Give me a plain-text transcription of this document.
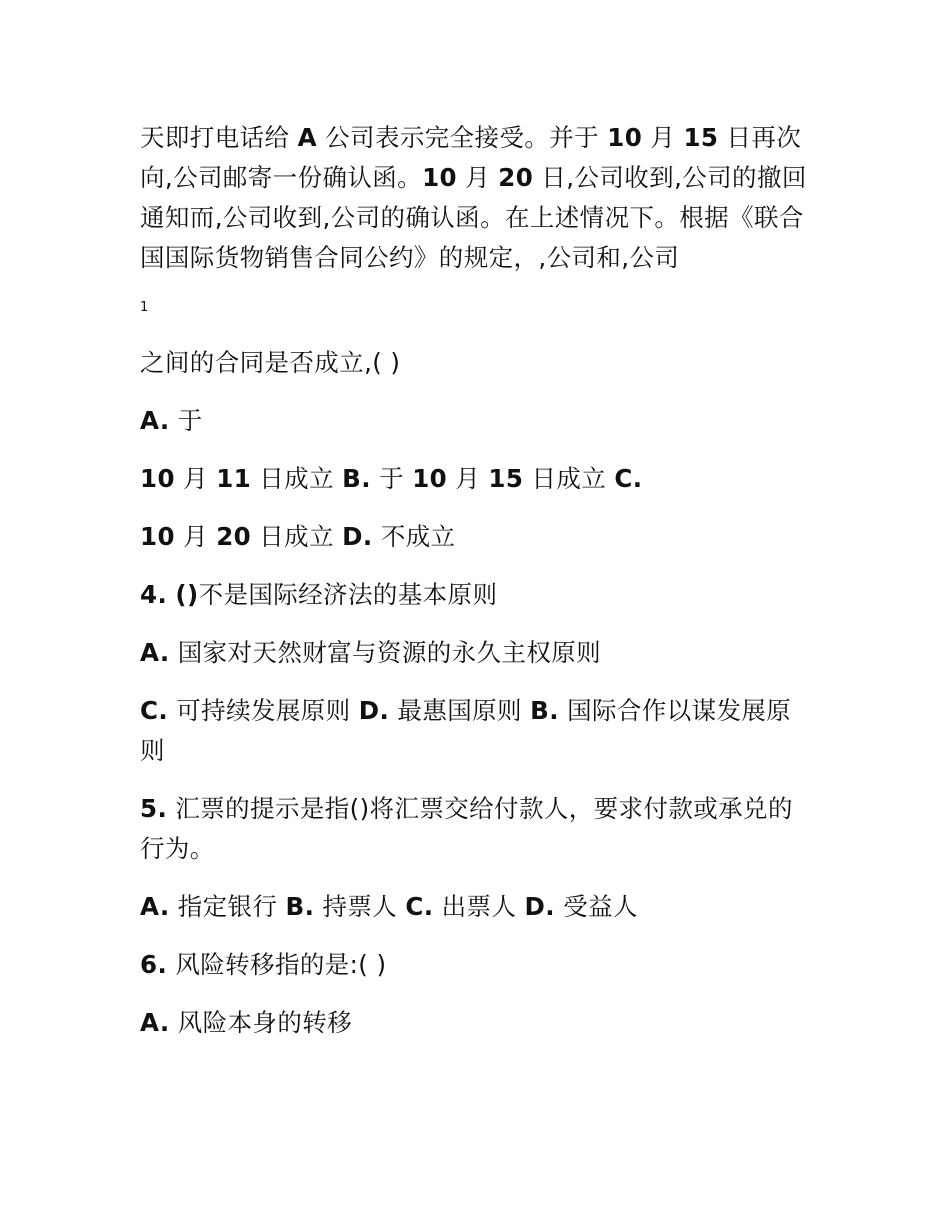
天即打电话给 A 公司表示完全接受。并于 10 月 15 日再次向,公司邮寄一份确认函。10 月 20 日,公司收到,公司的撤回通知而,公司收到,公司的确认函。在上述情况下。根据《联合国国际货物销售合同公约》的规定，,公司和,公司

1

之间的合同是否成立,( )

A. 于

10 月 11 日成立 B. 于 10 月 15 日成立 C.

10 月 20 日成立 D. 不成立

4. ()不是国际经济法的基本原则

A. 国家对天然财富与资源的永久主权原则

C. 可持续发展原则 D. 最惠国原则 B. 国际合作以谋发展原则

5. 汇票的提示是指()将汇票交给付款人，要求付款或承兑的行为。

A. 指定银行 B. 持票人 C. 出票人 D. 受益人

6. 风险转移指的是:( )

A. 风险本身的转移
